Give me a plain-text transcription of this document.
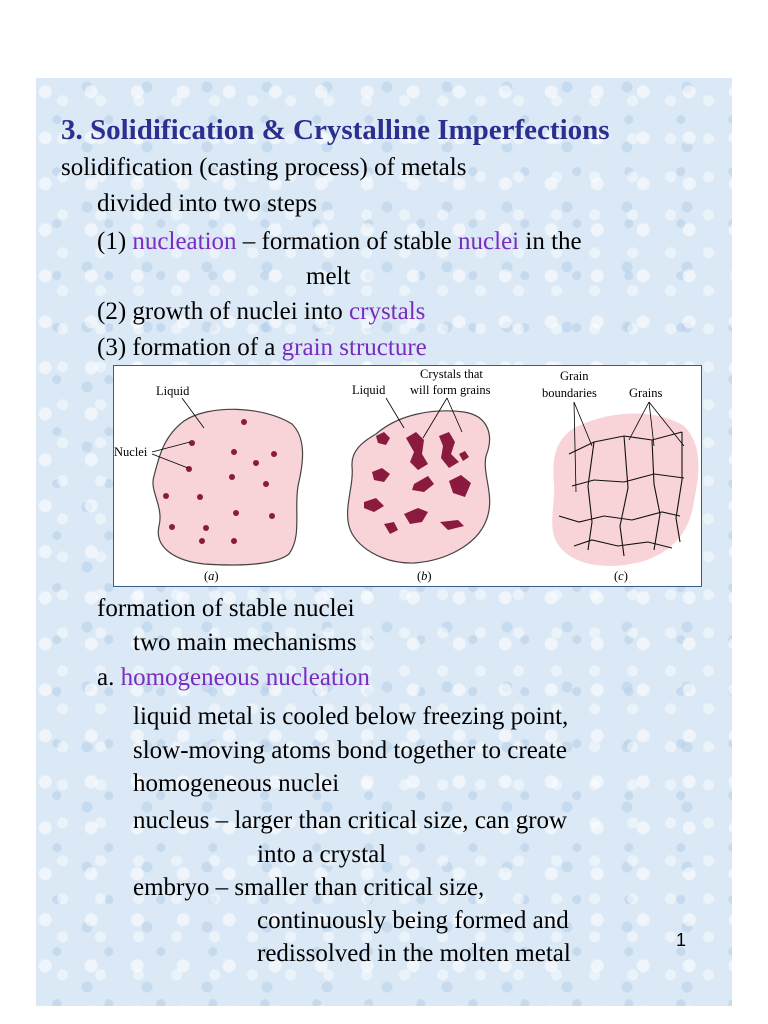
3. Solidification & Crystalline Imperfections
solidification (casting process) of metals
divided into two steps
(1) nucleation – formation of stable nuclei in the
melt
(2) growth of nuclei into crystals
(3) formation of a grain structure
Liquid
Nuclei
Liquid
Crystals that
will form grains
Grain
boundaries	Grains
(a)	(b)	(c)
formation of stable nuclei
two main mechanisms
a. homogeneous nucleation
liquid metal is cooled below freezing point,
slow-moving atoms bond together to create
homogeneous nuclei
nucleus – larger than critical size, can grow
into a crystal
embryo – smaller than critical size,
continuously being formed and
redissolved in the molten metal	1
